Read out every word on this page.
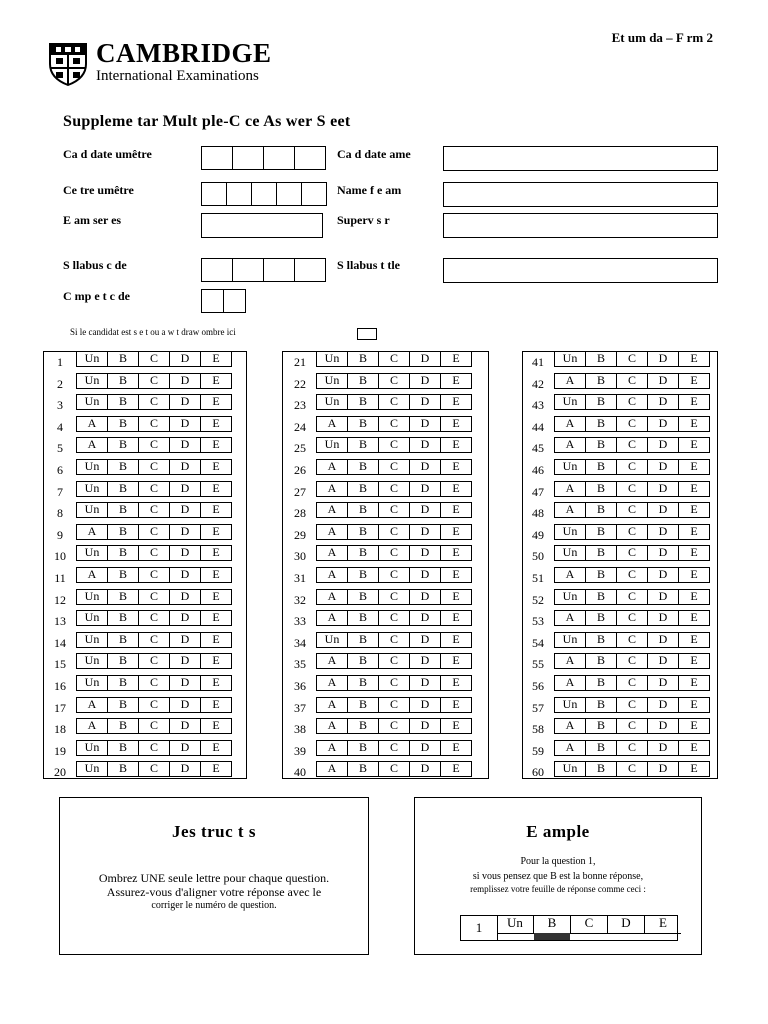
CAMBRIDGE
International Examinations
Et um da – F rm 2
Suppleme tar Mult ple-C ce As wer S eet
Ca d date umêtre
Ce tre umêtre
E am ser es
S llabus c de
C mp e t c de
Ca d date ame
Name f e am
Superv s r
S llabus t tle
Si le candidat est s e t ou a w t draw ombre ici
1	Un	B	C	D	E
2	Un	B	C	D	E
3	Un	B	C	D	E
4	A	B	C	D	E
5	A	B	C	D	E
6	Un	B	C	D	E
7	Un	B	C	D	E
8	Un	B	C	D	E
9	A	B	C	D	E
10	Un	B	C	D	E
11	A	B	C	D	E
12	Un	B	C	D	E
13	Un	B	C	D	E
14	Un	B	C	D	E
15	Un	B	C	D	E
16	Un	B	C	D	E
17	A	B	C	D	E
18	A	B	C	D	E
19	Un	B	C	D	E
20	Un	B	C	D	E
21	Un	B	C	D	E
22	Un	B	C	D	E
23	Un	B	C	D	E
24	A	B	C	D	E
25	Un	B	C	D	E
26	A	B	C	D	E
27	A	B	C	D	E
28	A	B	C	D	E
29	A	B	C	D	E
30	A	B	C	D	E
31	A	B	C	D	E
32	A	B	C	D	E
33	A	B	C	D	E
34	Un	B	C	D	E
35	A	B	C	D	E
36	A	B	C	D	E
37	A	B	C	D	E
38	A	B	C	D	E
39	A	B	C	D	E
40	A	B	C	D	E
41	Un	B	C	D	E
42	A	B	C	D	E
43	Un	B	C	D	E
44	A	B	C	D	E
45	A	B	C	D	E
46	Un	B	C	D	E
47	A	B	C	D	E
48	A	B	C	D	E
49	Un	B	C	D	E
50	Un	B	C	D	E
51	A	B	C	D	E
52	Un	B	C	D	E
53	A	B	C	D	E
54	Un	B	C	D	E
55	A	B	C	D	E
56	A	B	C	D	E
57	Un	B	C	D	E
58	A	B	C	D	E
59	A	B	C	D	E
60	Un	B	C	D	E
Jes truc t s
Ombrez UNE seule lettre pour chaque question.
Assurez-vous d'aligner votre réponse avec le
corriger le numéro de question.
E ample
Pour la question 1,
si vous pensez que B est la bonne réponse,
remplissez votre feuille de réponse comme ceci :
1	Un	B	C	D	E
